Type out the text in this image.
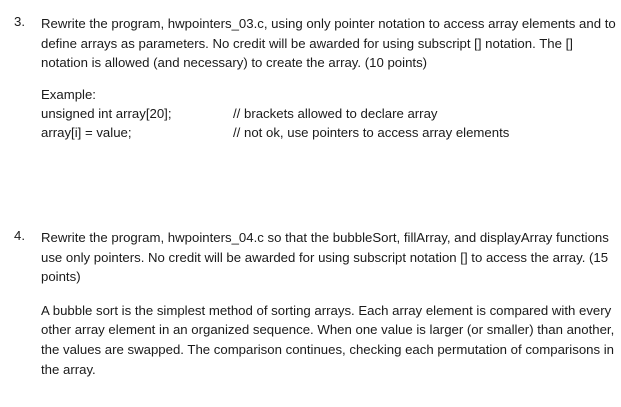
3.	Rewrite the program, hwpointers_03.c, using only pointer notation to access array elements and to define arrays as parameters. No credit will be awarded for using subscript [] notation. The [] notation is allowed (and necessary) to create the array. (10 points)

Example:
unsigned int array[20];	// brackets allowed to declare array
array[i] = value;	// not ok, use pointers to access array elements
4.	Rewrite the program, hwpointers_04.c so that the bubbleSort, fillArray, and displayArray functions use only pointers. No credit will be awarded for using subscript notation [] to access the array. (15 points)

A bubble sort is the simplest method of sorting arrays. Each array element is compared with every other array element in an organized sequence. When one value is larger (or smaller) than another, the values are swapped. The comparison continues, checking each permutation of comparisons in the array.
